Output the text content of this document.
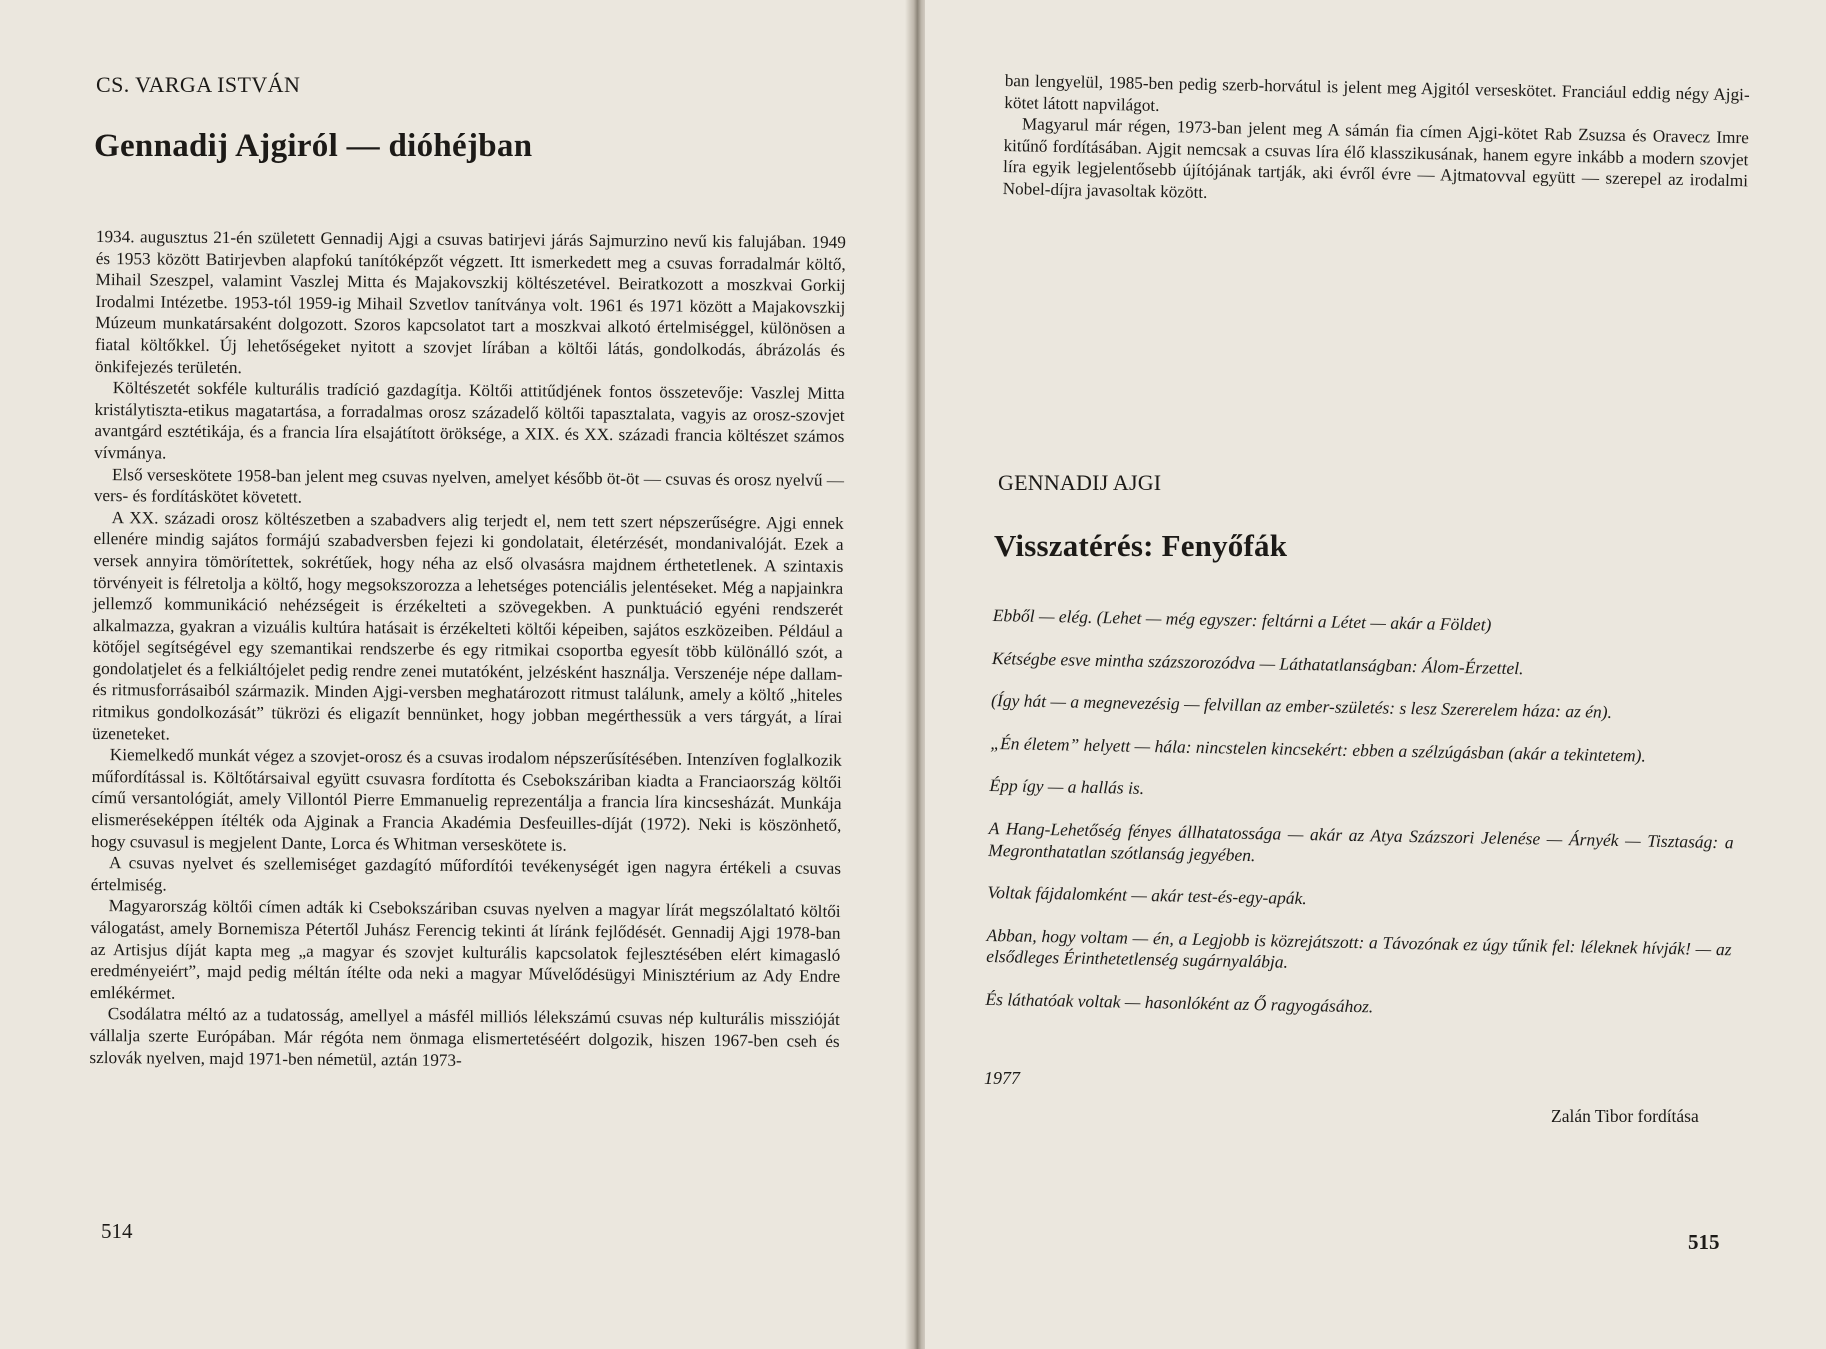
CS. VARGA ISTVÁN
Gennadij Ajgiról — dióhéjban

1934. augusztus 21-én született Gennadij Ajgi a csuvas batirjevi járás Sajmurzino nevű kis falujában. 1949 és 1953 között Batirjevben alapfokú tanítóképzőt végzett. Itt ismerkedett meg a csuvas forradalmár költő, Mihail Szeszpel, valamint Vaszlej Mitta és Majakovszkij költészetével. Beiratkozott a moszkvai Gorkij Irodalmi Intézetbe. 1953-tól 1959-ig Mihail Szvetlov tanítványa volt. 1961 és 1971 között a Majakovszkij Múzeum munkatársaként dolgozott. Szoros kapcsolatot tart a moszkvai alkotó értelmiséggel, különösen a fiatal költőkkel. Új lehetőségeket nyitott a szovjet lírában a költői látás, gondolkodás, ábrázolás és önkifejezés területén.

Költészetét sokféle kulturális tradíció gazdagítja. Költői attitűdjének fontos összetevője: Vaszlej Mitta kristálytiszta-etikus magatartása, a forradalmas orosz századelő költői tapasztalata, vagyis az orosz-szovjet avantgárd esztétikája, és a francia líra elsajátított öröksége, a XIX. és XX. századi francia költészet számos vívmánya.

Első verseskötete 1958-ban jelent meg csuvas nyelven, amelyet később öt-öt — csuvas és orosz nyelvű — vers- és fordításkötet követett.

A XX. századi orosz költészetben a szabadvers alig terjedt el, nem tett szert népszerűségre. Ajgi ennek ellenére mindig sajátos formájú szabadversben fejezi ki gondolatait, életérzését, mondanivalóját. Ezek a versek annyira tömörítettek, sokrétűek, hogy néha az első olvasásra majdnem érthetetlenek. A szintaxis törvényeit is félretolja a költő, hogy megsokszorozza a lehetséges potenciális jelentéseket. Még a napjainkra jellemző kommunikáció nehézségeit is érzékelteti a szövegekben. A punktuáció egyéni rendszerét alkalmazza, gyakran a vizuális kultúra hatásait is érzékelteti költői képeiben, sajátos eszközeiben. Például a kötőjel segítségével egy szemantikai rendszerbe és egy ritmikai csoportba egyesít több különálló szót, a gondolatjelet és a felkiáltójelet pedig rendre zenei mutatóként, jelzésként használja. Verszenéje népe dallam- és ritmusforrásaiból származik. Minden Ajgi-versben meghatározott ritmust találunk, amely a költő „hiteles ritmikus gondolkozását” tükrözi és eligazít bennünket, hogy jobban megérthessük a vers tárgyát, a lírai üzeneteket.

Kiemelkedő munkát végez a szovjet-orosz és a csuvas irodalom népszerűsítésében. Intenzíven foglalkozik műfordítással is. Költőtársaival együtt csuvasra fordította és Csebokszáriban kiadta a Franciaország költői című versantológiát, amely Villontól Pierre Emmanuelig reprezentálja a francia líra kincsesházát. Munkája elismeréseképpen ítélték oda Ajginak a Francia Akadémia Desfeuilles-díját (1972). Neki is köszönhető, hogy csuvasul is megjelent Dante, Lorca és Whitman verseskötete is.

A csuvas nyelvet és szellemiséget gazdagító műfordítói tevékenységét igen nagyra értékeli a csuvas értelmiség.

Magyarország költői címen adták ki Csebokszáriban csuvas nyelven a magyar lírát megszólaltató költői válogatást, amely Bornemisza Pétertől Juhász Ferencig tekinti át líránk fejlődését. Gennadij Ajgi 1978-ban az Artisjus díját kapta meg „a magyar és szovjet kulturális kapcsolatok fejlesztésében elért kimagasló eredményeiért”, majd pedig méltán ítélte oda neki a magyar Művelődésügyi Minisztérium az Ady Endre emlékérmet.

Csodálatra méltó az a tudatosság, amellyel a másfél milliós lélekszámú csuvas nép kulturális misszióját vállalja szerte Európában. Már régóta nem önmaga elismertetéséért dolgozik, hiszen 1967-ben cseh és szlovák nyelven, majd 1971-ben németül, aztán 1973-

514

ban lengyelül, 1985-ben pedig szerb-horvátul is jelent meg Ajgitól verseskötet. Franciául eddig négy Ajgi-kötet látott napvilágot.

Magyarul már régen, 1973-ban jelent meg A sámán fia címen Ajgi-kötet Rab Zsuzsa és Oravecz Imre kitűnő fordításában. Ajgit nemcsak a csuvas líra élő klasszikusának, hanem egyre inkább a modern szovjet líra egyik legjelentősebb újítójának tartják, aki évről évre — Ajtmatovval együtt — szerepel az irodalmi Nobel-díjra javasoltak között.

GENNADIJ AJGI
Visszatérés: Fenyőfák

Ebből — elég. (Lehet — még egyszer: feltárni a Létet — akár a Földet)

Kétségbe esve mintha százszorozódva — Láthatatlanságban: Álom-Érzettel.

(Így hát — a megnevezésig — felvillan az ember-születés: s lesz Szererelem háza: az én).

„Én életem” helyett — hála: nincstelen kincsekért: ebben a szélzúgásban (akár a tekintetem).

Épp így — a hallás is.

A Hang-Lehetőség fényes állhatatossága — akár az Atya Százszori Jelenése — Árnyék — Tisztaság: a Megronthatatlan szótlanság jegyében.

Voltak fájdalomként — akár test-és-egy-apák.

Abban, hogy voltam — én, a Legjobb is közrejátszott: a Távozónak ez úgy tűnik fel: léleknek hívják! — az elsődleges Érinthetetlenség sugárnyalábja.

És láthatóak voltak — hasonlóként az Ő ragyogásához.

1977
Zalán Tibor fordítása
515
